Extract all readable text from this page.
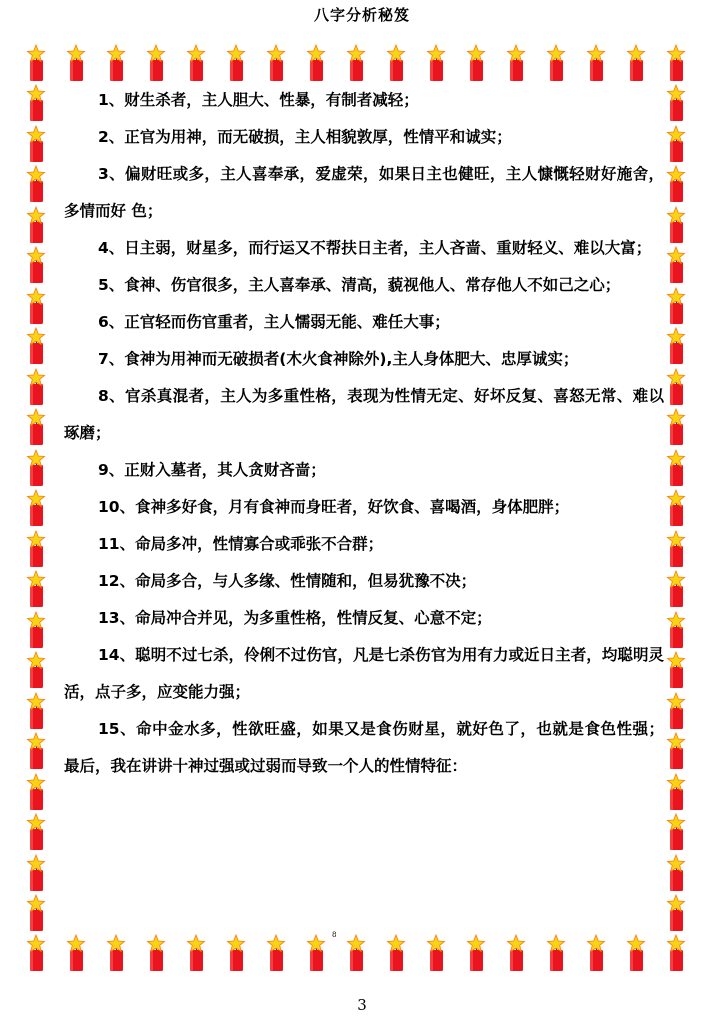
八字分析秘笈

1、财生杀者，主人胆大、性暴，有制者减轻；

2、正官为用神，而无破损，主人相貌敦厚，性情平和诚实；

3、偏财旺或多，主人喜奉承，爱虚荣，如果日主也健旺，主人慷慨轻财好施舍，多情而好 色；

4、日主弱，财星多，而行运又不帮扶日主者，主人吝啬、重财轻义、难以大富；

5、食神、伤官很多，主人喜奉承、清高，藐视他人、常存他人不如己之心；

6、正官轻而伤官重者，主人懦弱无能、难任大事；

7、食神为用神而无破损者(木火食神除外),主人身体肥大、忠厚诚实；

8、官杀真混者，主人为多重性格，表现为性情无定、好坏反复、喜怒无常、难以琢磨；

9、正财入墓者，其人贪财吝啬；

10、食神多好食，月有食神而身旺者，好饮食、喜喝酒，身体肥胖；

11、命局多冲，性情寡合或乖张不合群；

12、命局多合，与人多缘、性情随和，但易犹豫不决；

13、命局冲合并见，为多重性格，性情反复、心意不定；

14、聪明不过七杀，伶俐不过伤官，凡是七杀伤官为用有力或近日主者，均聪明灵活，点子多，应变能力强；

15、命中金水多，性欲旺盛，如果又是食伤财星，就好色了，也就是食色性强； 最后，我在讲讲十神过强或过弱而导致一个人的性情特征：

8
3
